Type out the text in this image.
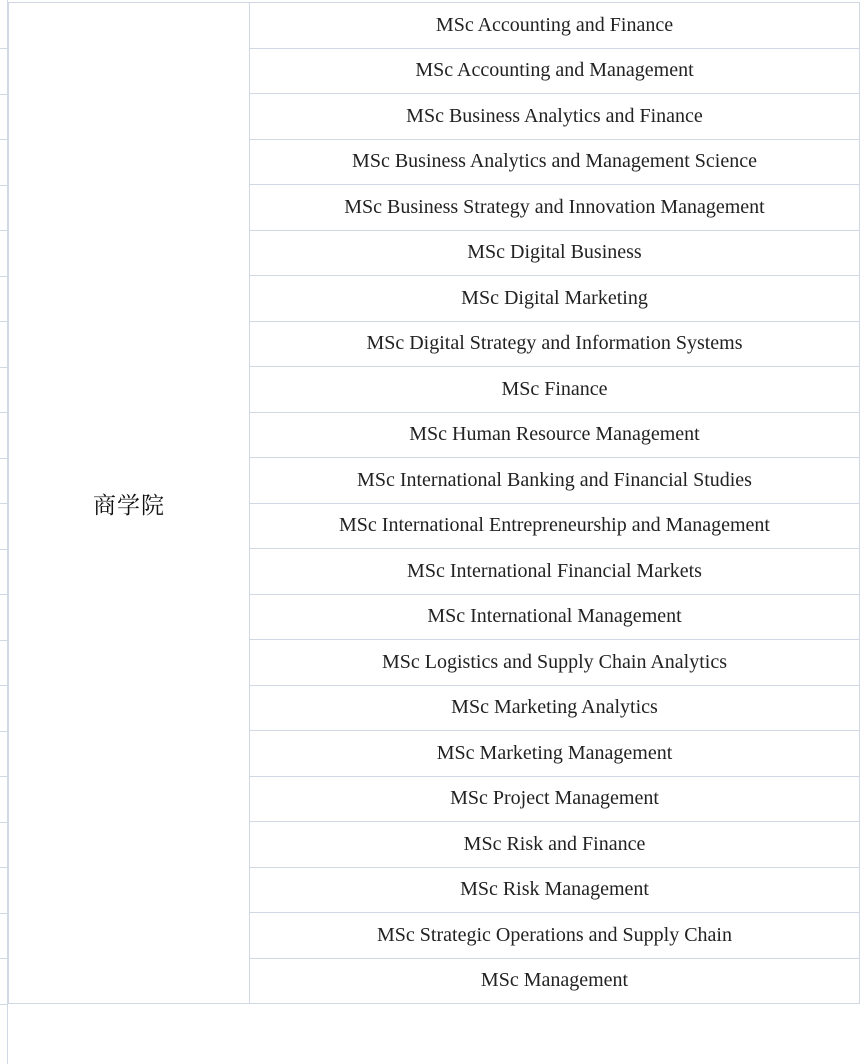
商学院	MSc Accounting and Finance
MSc Accounting and Management
MSc Business Analytics and Finance
MSc Business Analytics and Management Science
MSc Business Strategy and Innovation Management
MSc Digital Business
MSc Digital Marketing
MSc Digital Strategy and Information Systems
MSc Finance
MSc Human Resource Management
MSc International Banking and Financial Studies
MSc International Entrepreneurship and Management
MSc International Financial Markets
MSc International Management
MSc Logistics and Supply Chain Analytics
MSc Marketing Analytics
MSc Marketing Management
MSc Project Management
MSc Risk and Finance
MSc Risk Management
MSc Strategic Operations and Supply Chain
MSc Management
